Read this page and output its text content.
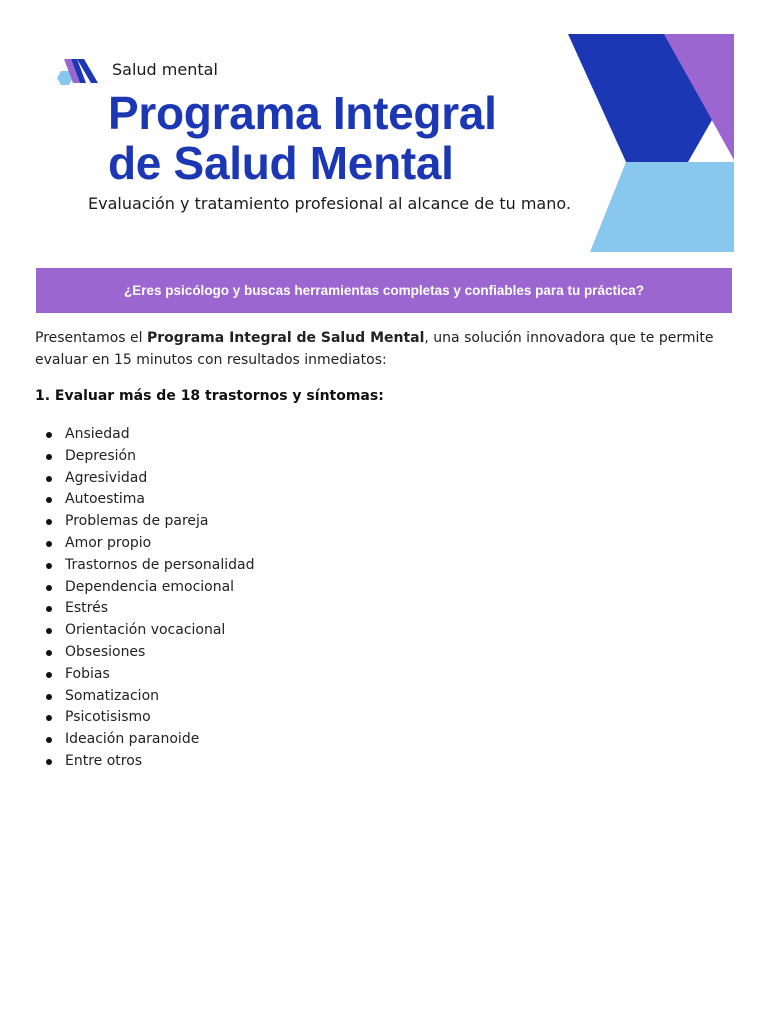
Salud mental
Programa Integral
de Salud Mental
Evaluación y tratamiento profesional al alcance de tu mano.
¿Eres psicólogo y buscas herramientas completas y confiables para tu práctica?

Presentamos el Programa Integral de Salud Mental, una solución innovadora que te permite evaluar en 15 minutos con resultados inmediatos:

1. Evaluar más de 18 trastornos y síntomas:
Ansiedad
Depresión
Agresividad
Autoestima
Problemas de pareja
Amor propio
Trastornos de personalidad
Dependencia emocional
Estrés
Orientación vocacional
Obsesiones
Fobias
Somatizacion
Psicotisismo
Ideación paranoide
Entre otros
